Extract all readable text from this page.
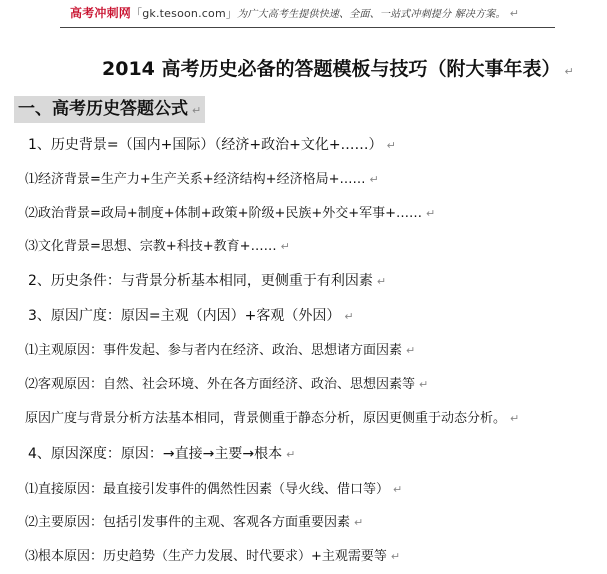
高考冲刺网「gk.tesoon.com」为广大高考生提供快速、全面、一站式冲刺提分 解决方案。 ↵
2014 高考历史必备的答题模板与技巧（附大事年表） ↵
一、高考历史答题公式 ↵
1、历史背景=（国内+国际）（经济+政治+文化+……） ↵
⑴经济背景=生产力+生产关系+经济结构+经济格局+…… ↵
⑵政治背景=政局+制度+体制+政策+阶级+民族+外交+军事+…… ↵
⑶文化背景=思想、宗教+科技+教育+…… ↵
2、历史条件：与背景分析基本相同，更侧重于有利因素 ↵
3、原因广度：原因=主观（内因）+客观（外因） ↵
⑴主观原因：事件发起、参与者内在经济、政治、思想诸方面因素 ↵
⑵客观原因：自然、社会环境、外在各方面经济、政治、思想因素等 ↵
原因广度与背景分析方法基本相同，背景侧重于静态分析，原因更侧重于动态分析。 ↵
4、原因深度：原因：→直接→主要→根本 ↵
⑴直接原因：最直接引发事件的偶然性因素（导火线、借口等） ↵
⑵主要原因：包括引发事件的主观、客观各方面重要因素 ↵
⑶根本原因：历史趋势（生产力发展、时代要求）+主观需要等 ↵
